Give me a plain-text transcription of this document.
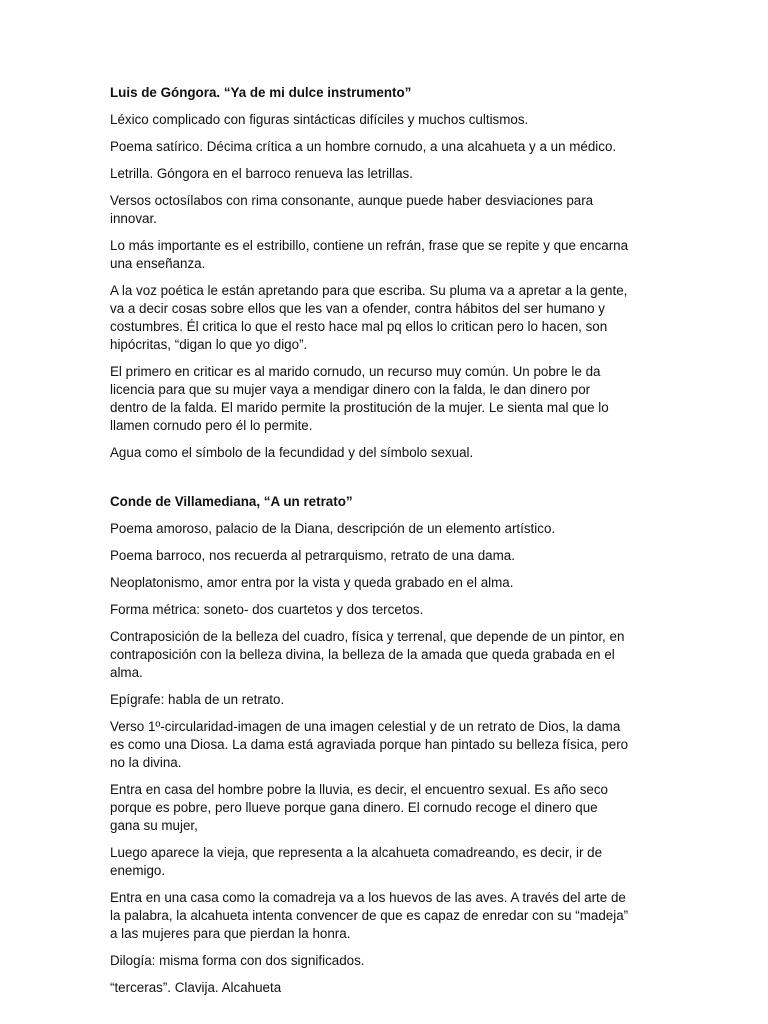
Luis de Góngora. “Ya de mi dulce instrumento”

Léxico complicado con figuras sintácticas difíciles y muchos cultismos.

Poema satírico. Décima crítica a un hombre cornudo, a una alcahueta y a un médico.

Letrilla. Góngora en el barroco renueva las letrillas.

Versos octosílabos con rima consonante, aunque puede haber desviaciones para innovar.

Lo más importante es el estribillo, contiene un refrán, frase que se repite y que encarna una enseñanza.

A la voz poética le están apretando para que escriba. Su pluma va a apretar a la gente, va a decir cosas sobre ellos que les van a ofender, contra hábitos del ser humano y costumbres. Él critica lo que el resto hace mal pq ellos lo critican pero lo hacen, son hipócritas, “digan lo que yo digo”.

El primero en criticar es al marido cornudo, un recurso muy común. Un pobre le da licencia para que su mujer vaya a mendigar dinero con la falda, le dan dinero por dentro de la falda. El marido permite la prostitución de la mujer. Le sienta mal que lo llamen cornudo pero él lo permite.

Agua como el símbolo de la fecundidad y del símbolo sexual.

Conde de Villamediana, “A un retrato”

Poema amoroso, palacio de la Diana, descripción de un elemento artístico.

Poema barroco, nos recuerda al petrarquismo, retrato de una dama.

Neoplatonismo, amor entra por la vista y queda grabado en el alma.

Forma métrica: soneto- dos cuartetos y dos tercetos.

Contraposición de la belleza del cuadro, física y terrenal, que depende de un pintor, en contraposición con la belleza divina, la belleza de la amada que queda grabada en el alma.

Epígrafe: habla de un retrato.

Verso 1º-circularidad-imagen de una imagen celestial y de un retrato de Dios, la dama es como una Diosa. La dama está agraviada porque han pintado su belleza física, pero no la divina.

Entra en casa del hombre pobre la lluvia, es decir, el encuentro sexual. Es año seco porque es pobre, pero llueve porque gana dinero. El cornudo recoge el dinero que gana su mujer,

Luego aparece la vieja, que representa a la alcahueta comadreando, es decir, ir de enemigo.

Entra en una casa como la comadreja va a los huevos de las aves. A través del arte de la palabra, la alcahueta intenta convencer de que es capaz de enredar con su “madeja” a las mujeres para que pierdan la honra.

Dilogía: misma forma con dos significados.

“terceras”. Clavija. Alcahueta
